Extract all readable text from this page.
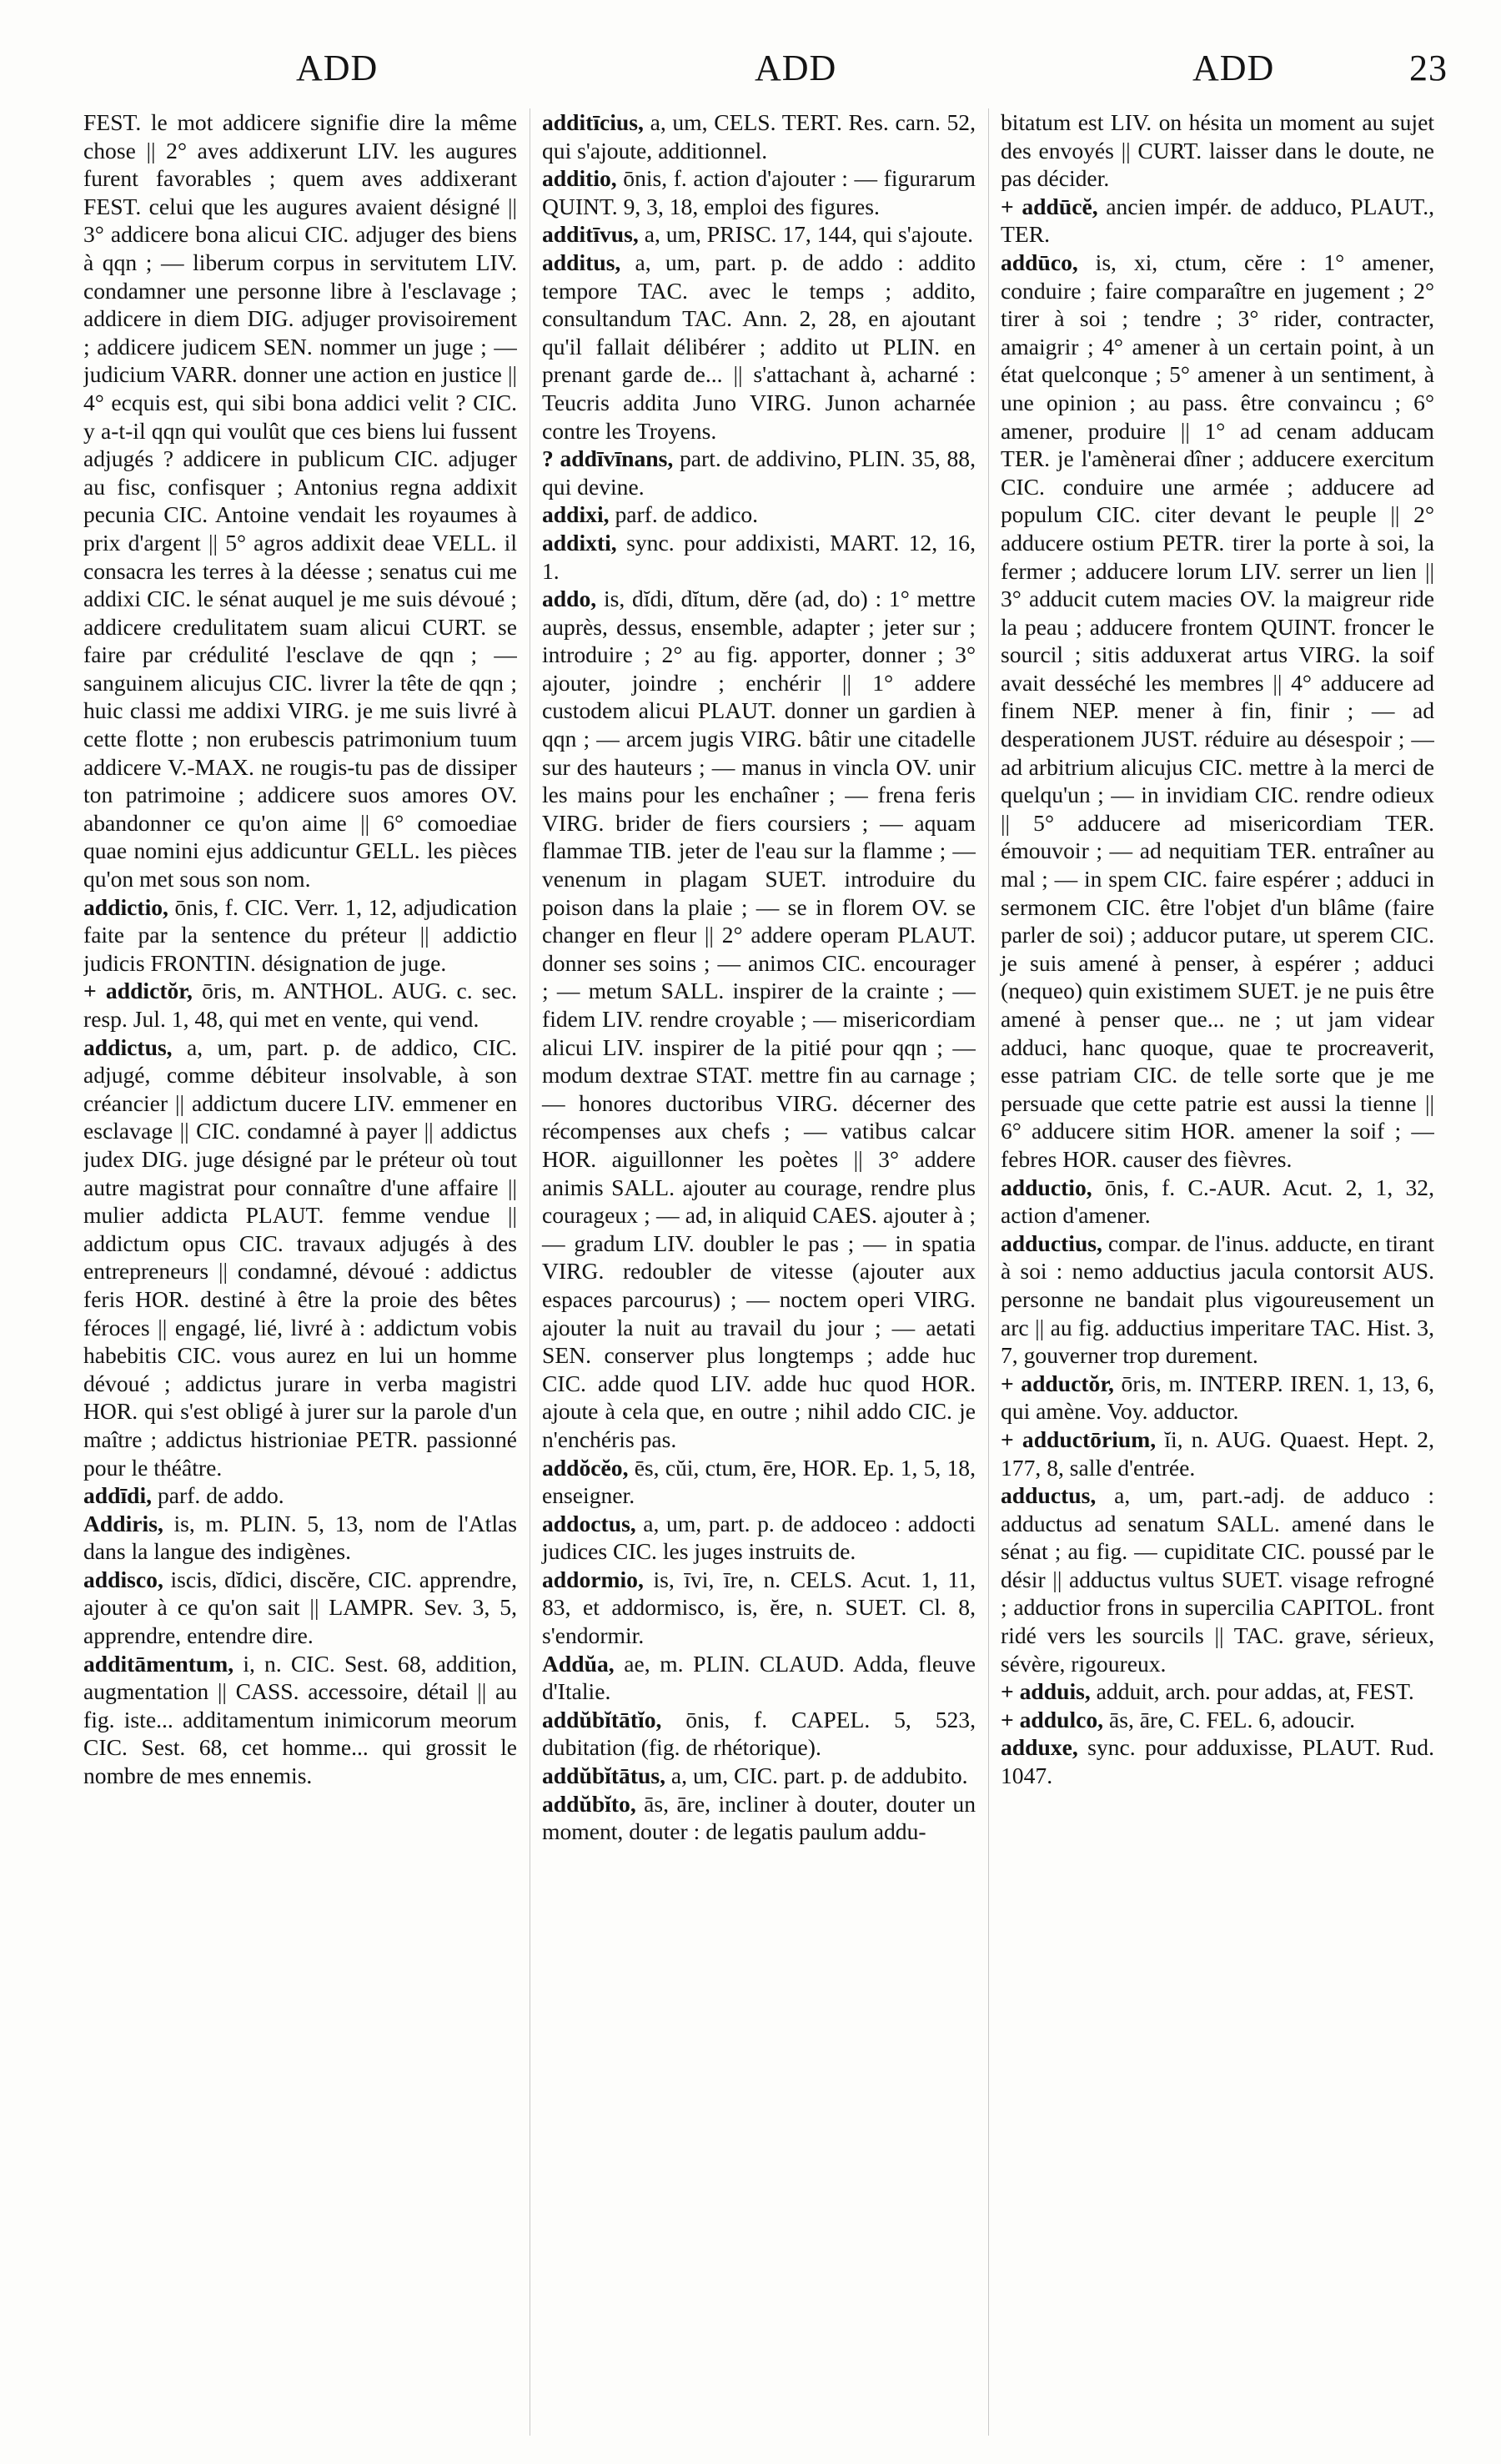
ADD	ADD	ADD	23

FEST. le mot addicere signifie dire la même chose || 2° aves addixerunt LIV. les augures furent favorables ; quem aves addixerant FEST. celui que les augures avaient désigné || 3° addicere bona alicui CIC. adjuger des biens à qqn ; — liberum corpus in servitutem LIV. condamner une personne libre à l'esclavage ; addicere in diem DIG. adjuger provisoirement ; addicere judicem SEN. nommer un juge ; — judicium VARR. donner une action en justice || 4° ecquis est, qui sibi bona addici velit ? CIC. y a-t-il qqn qui voulût que ces biens lui fussent adjugés ? addicere in publicum CIC. adjuger au fisc, confisquer ; Antonius regna addixit pecunia CIC. Antoine vendait les royaumes à prix d'argent || 5° agros addixit deae VELL. il consacra les terres à la déesse ; senatus cui me addixi CIC. le sénat auquel je me suis dévoué ; addicere credulitatem suam alicui CURT. se faire par crédulité l'esclave de qqn ; — sanguinem alicujus CIC. livrer la tête de qqn ; huic classi me addixi VIRG. je me suis livré à cette flotte ; non erubescis patrimonium tuum addicere V.-MAX. ne rougis-tu pas de dissiper ton patrimoine ; addicere suos amores OV. abandonner ce qu'on aime || 6° comoediae quae nomini ejus addicuntur GELL. les pièces qu'on met sous son nom.

addictio, ōnis, f. CIC. Verr. 1, 12, adjudication faite par la sentence du préteur || addictio judicis FRONTIN. désignation de juge.

+ addictŏr, ōris, m. ANTHOL. AUG. c. sec. resp. Jul. 1, 48, qui met en vente, qui vend.

addictus, a, um, part. p. de addico, CIC. adjugé, comme débiteur insolvable, à son créancier || addictum ducere LIV. emmener en esclavage || CIC. condamné à payer || addictus judex DIG. juge désigné par le préteur où tout autre magistrat pour connaître d'une affaire || mulier addicta PLAUT. femme vendue || addictum opus CIC. travaux adjugés à des entrepreneurs || condamné, dévoué : addictus feris HOR. destiné à être la proie des bêtes féroces || engagé, lié, livré à : addictum vobis habebitis CIC. vous aurez en lui un homme dévoué ; addictus jurare in verba magistri HOR. qui s'est obligé à jurer sur la parole d'un maître ; addictus histrioniae PETR. passionné pour le théâtre.

addīdi, parf. de addo.

Addiris, is, m. PLIN. 5, 13, nom de l'Atlas dans la langue des indigènes.

addisco, iscis, dĭdici, discĕre, CIC. apprendre, ajouter à ce qu'on sait || LAMPR. Sev. 3, 5, apprendre, entendre dire.

additāmentum, i, n. CIC. Sest. 68, addition, augmentation || CASS. accessoire, détail || au fig. iste... additamentum inimicorum meorum CIC. Sest. 68, cet homme... qui grossit le nombre de mes ennemis.

additīcius, a, um, CELS. TERT. Res. carn. 52, qui s'ajoute, additionnel.

additio, ōnis, f. action d'ajouter : — figurarum QUINT. 9, 3, 18, emploi des figures.

additīvus, a, um, PRISC. 17, 144, qui s'ajoute.

additus, a, um, part. p. de addo : addito tempore TAC. avec le temps ; addito, consultandum TAC. Ann. 2, 28, en ajoutant qu'il fallait délibérer ; addito ut PLIN. en prenant garde de... || s'attachant à, acharné : Teucris addita Juno VIRG. Junon acharnée contre les Troyens.

? addīvīnans, part. de addivino, PLIN. 35, 88, qui devine.

addixi, parf. de addico.

addixti, sync. pour addixisti, MART. 12, 16, 1.

addo, is, dĭdi, dĭtum, dĕre (ad, do) : 1° mettre auprès, dessus, ensemble, adapter ; jeter sur ; introduire ; 2° au fig. apporter, donner ; 3° ajouter, joindre ; enchérir || 1° addere custodem alicui PLAUT. donner un gardien à qqn ; — arcem jugis VIRG. bâtir une citadelle sur des hauteurs ; — manus in vincla OV. unir les mains pour les enchaîner ; — frena feris VIRG. brider de fiers coursiers ; — aquam flammae TIB. jeter de l'eau sur la flamme ; — venenum in plagam SUET. introduire du poison dans la plaie ; — se in florem OV. se changer en fleur || 2° addere operam PLAUT. donner ses soins ; — animos CIC. encourager ; — metum SALL. inspirer de la crainte ; — fidem LIV. rendre croyable ; — misericordiam alicui LIV. inspirer de la pitié pour qqn ; — modum dextrae STAT. mettre fin au carnage ; — honores ductoribus VIRG. décerner des récompenses aux chefs ; — vatibus calcar HOR. aiguillonner les poètes || 3° addere animis SALL. ajouter au courage, rendre plus courageux ; — ad, in aliquid CAES. ajouter à ; — gradum LIV. doubler le pas ; — in spatia VIRG. redoubler de vitesse (ajouter aux espaces parcourus) ; — noctem operi VIRG. ajouter la nuit au travail du jour ; — aetati SEN. conserver plus longtemps ; adde huc CIC. adde quod LIV. adde huc quod HOR. ajoute à cela que, en outre ; nihil addo CIC. je n'enchéris pas.

addŏcĕo, ēs, cŭi, ctum, ēre, HOR. Ep. 1, 5, 18, enseigner.

addoctus, a, um, part. p. de addoceo : addocti judices CIC. les juges instruits de.

addormio, is, īvi, īre, n. CELS. Acut. 1, 11, 83, et addormisco, is, ĕre, n. SUET. Cl. 8, s'endormir.

Addŭa, ae, m. PLIN. CLAUD. Adda, fleuve d'Italie.

addŭbĭtātĭo, ōnis, f. CAPEL. 5, 523, dubitation (fig. de rhétorique).

addŭbĭtātus, a, um, CIC. part. p. de addubito.

addŭbĭto, ās, āre, incliner à douter, douter un moment, douter : de legatis paulum addu-

bitatum est LIV. on hésita un moment au sujet des envoyés || CURT. laisser dans le doute, ne pas décider.

+ addūcĕ, ancien impér. de adduco, PLAUT., TER.

addūco, is, xi, ctum, cĕre : 1° amener, conduire ; faire comparaître en jugement ; 2° tirer à soi ; tendre ; 3° rider, contracter, amaigrir ; 4° amener à un certain point, à un état quelconque ; 5° amener à un sentiment, à une opinion ; au pass. être convaincu ; 6° amener, produire || 1° ad cenam adducam TER. je l'amènerai dîner ; adducere exercitum CIC. conduire une armée ; adducere ad populum CIC. citer devant le peuple || 2° adducere ostium PETR. tirer la porte à soi, la fermer ; adducere lorum LIV. serrer un lien || 3° adducit cutem macies OV. la maigreur ride la peau ; adducere frontem QUINT. froncer le sourcil ; sitis adduxerat artus VIRG. la soif avait desséché les membres || 4° adducere ad finem NEP. mener à fin, finir ; — ad desperationem JUST. réduire au désespoir ; — ad arbitrium alicujus CIC. mettre à la merci de quelqu'un ; — in invidiam CIC. rendre odieux || 5° adducere ad misericordiam TER. émouvoir ; — ad nequitiam TER. entraîner au mal ; — in spem CIC. faire espérer ; adduci in sermonem CIC. être l'objet d'un blâme (faire parler de soi) ; adducor putare, ut sperem CIC. je suis amené à penser, à espérer ; adduci (nequeo) quin existimem SUET. je ne puis être amené à penser que... ne ; ut jam videar adduci, hanc quoque, quae te procreaverit, esse patriam CIC. de telle sorte que je me persuade que cette patrie est aussi la tienne || 6° adducere sitim HOR. amener la soif ; — febres HOR. causer des fièvres.

adductio, ōnis, f. C.-AUR. Acut. 2, 1, 32, action d'amener.

adductius, compar. de l'inus. adducte, en tirant à soi : nemo adductius jacula contorsit AUS. personne ne bandait plus vigoureusement un arc || au fig. adductius imperitare TAC. Hist. 3, 7, gouverner trop durement.

+ adductŏr, ōris, m. INTERP. IREN. 1, 13, 6, qui amène. Voy. adductor.

+ adductōrium, ĭi, n. AUG. Quaest. Hept. 2, 177, 8, salle d'entrée.

adductus, a, um, part.-adj. de adduco : adductus ad senatum SALL. amené dans le sénat ; au fig. — cupiditate CIC. poussé par le désir || adductus vultus SUET. visage refrogné ; adductior frons in supercilia CAPITOL. front ridé vers les sourcils || TAC. grave, sérieux, sévère, rigoureux.

+ adduis, adduit, arch. pour addas, at, FEST.

+ addulco, ās, āre, C. FEL. 6, adoucir.

adduxe, sync. pour adduxisse, PLAUT. Rud. 1047.
